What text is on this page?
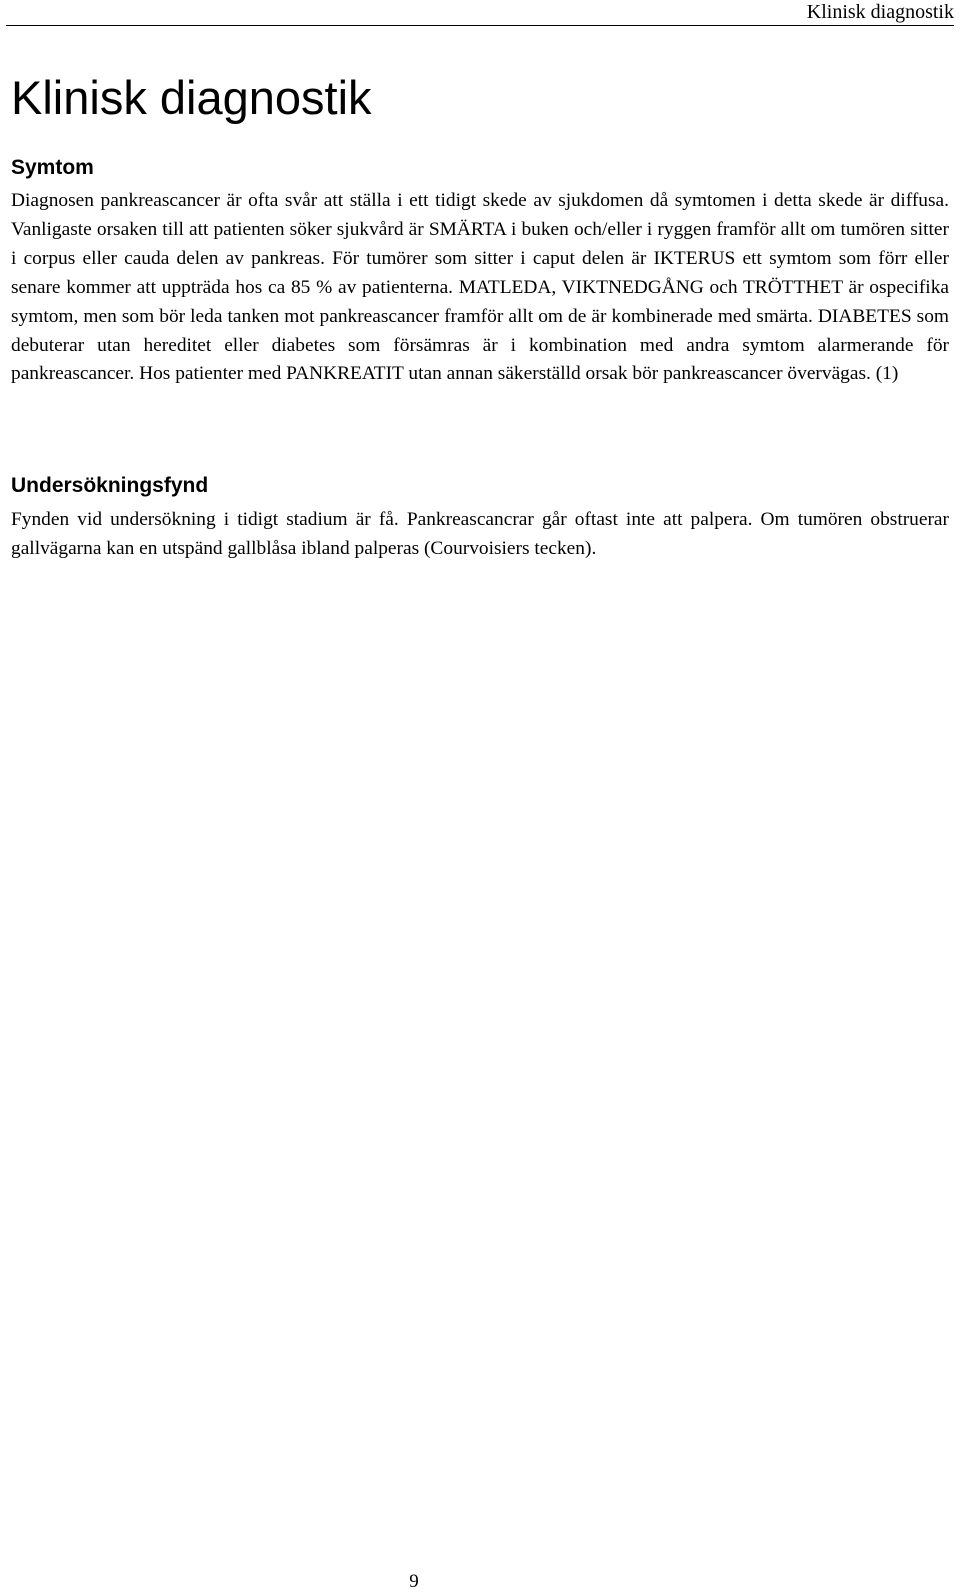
Klinisk diagnostik
Klinisk diagnostik
Symtom

Diagnosen pankreascancer är ofta svår att ställa i ett tidigt skede av sjukdomen då symtomen i detta skede är diffusa. Vanligaste orsaken till att patienten söker sjukvård är SMÄRTA i buken och/eller i ryggen framför allt om tumören sitter i corpus eller cauda delen av pankreas. För tumörer som sitter i caput delen är IKTERUS ett symtom som förr eller senare kommer att uppträda hos ca 85 % av patienterna. MATLEDA, VIKTNEDGÅNG och TRÖTTHET är ospecifika symtom, men som bör leda tanken mot pankreascancer framför allt om de är kombinerade med smärta. DIABETES som debuterar utan hereditet eller diabetes som försämras är i kombination med andra symtom alarmerande för pankreascancer. Hos patienter med PANKREATIT utan annan säkerställd orsak bör pankreascancer övervägas. (1)

Undersökningsfynd

Fynden vid undersökning i tidigt stadium är få. Pankreascancrar går oftast inte att palpera. Om tumören obstruerar gallvägarna kan en utspänd gallblåsa ibland palperas (Courvoisiers tecken).

9
